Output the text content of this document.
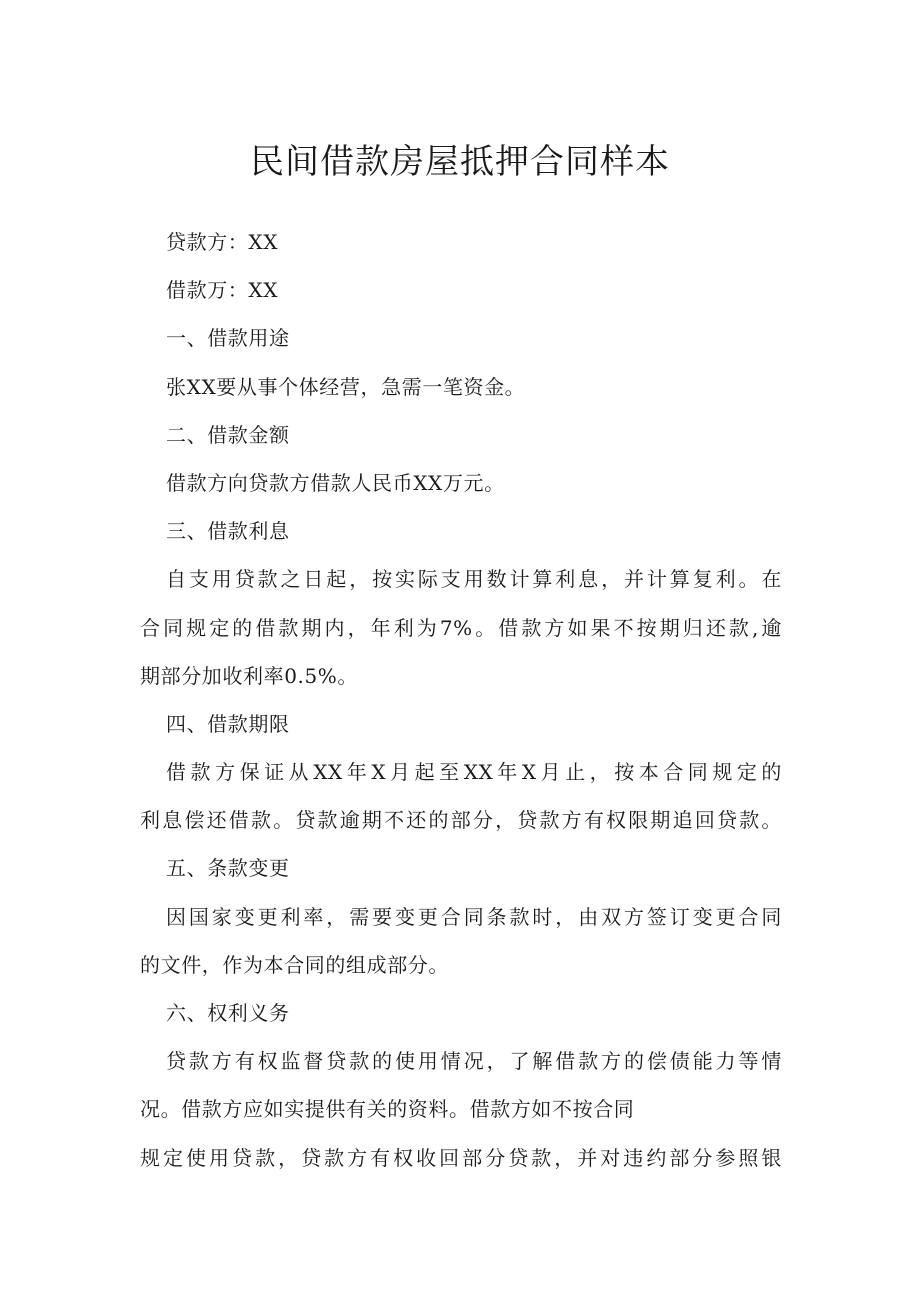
民间借款房屋抵押合同样本
贷款方：XX
借款万：XX
一、借款用途
张XX要从事个体经营，急需一笔资金。
二、借款金额
借款方向贷款方借款人民币XX万元。
三、借款利息
自支用贷款之日起，按实际支用数计算利息，并计算复利。在
合同规定的借款期内，年利为7%。借款方如果不按期归还款,逾
期部分加收利率0.5%。
四、借款期限
借款方保证从XX年X月起至XX年X月止，按本合同规定的
利息偿还借款。贷款逾期不还的部分，贷款方有权限期追回贷款。
五、条款变更
因国家变更利率，需要变更合同条款时，由双方签订变更合同
的文件，作为本合同的组成部分。
六、权利义务
贷款方有权监督贷款的使用情况，了解借款方的偿债能力等情
况。借款方应如实提供有关的资料。借款方如不按合同
规定使用贷款，贷款方有权收回部分贷款，并对违约部分参照银
